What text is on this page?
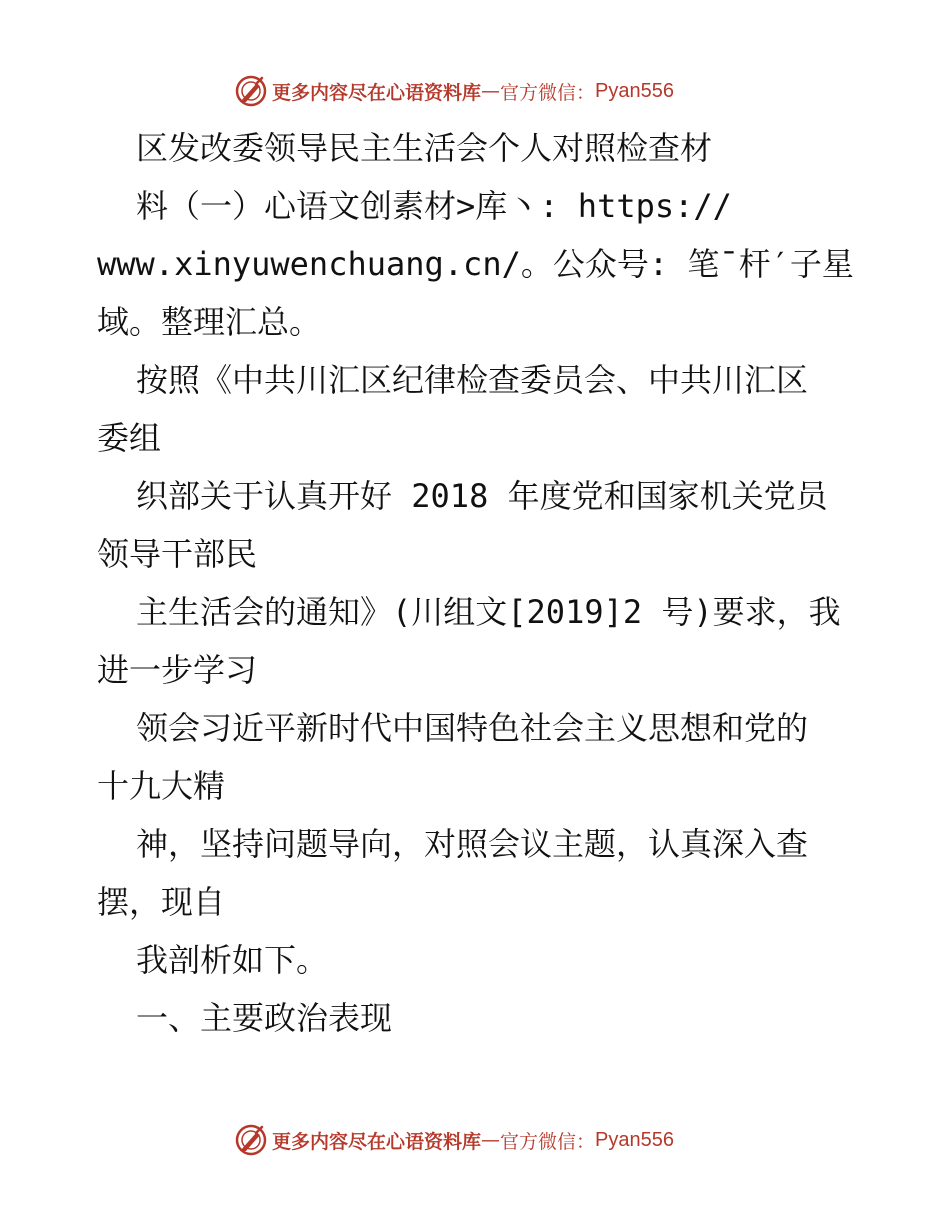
更多内容尽在心语资料库 — 官方微信： Pyan556
区发改委领导民主生活会个人对照检查材
料（一）心语文创素材>库丶: https://
www.xinyuwenchuang.cn/。公众号: 笔¯杆′子星
域。整理汇总。
按照《中共川汇区纪律检查委员会、中共川汇区
委组
织部关于认真开好 2018 年度党和国家机关党员
领导干部民
主生活会的通知》(川组文[2019]2 号)要求，我
进一步学习
领会习近平新时代中国特色社会主义思想和党的
十九大精
神，坚持问题导向，对照会议主题，认真深入查
摆，现自
我剖析如下。
一、主要政治表现
更多内容尽在心语资料库 — 官方微信： Pyan556
